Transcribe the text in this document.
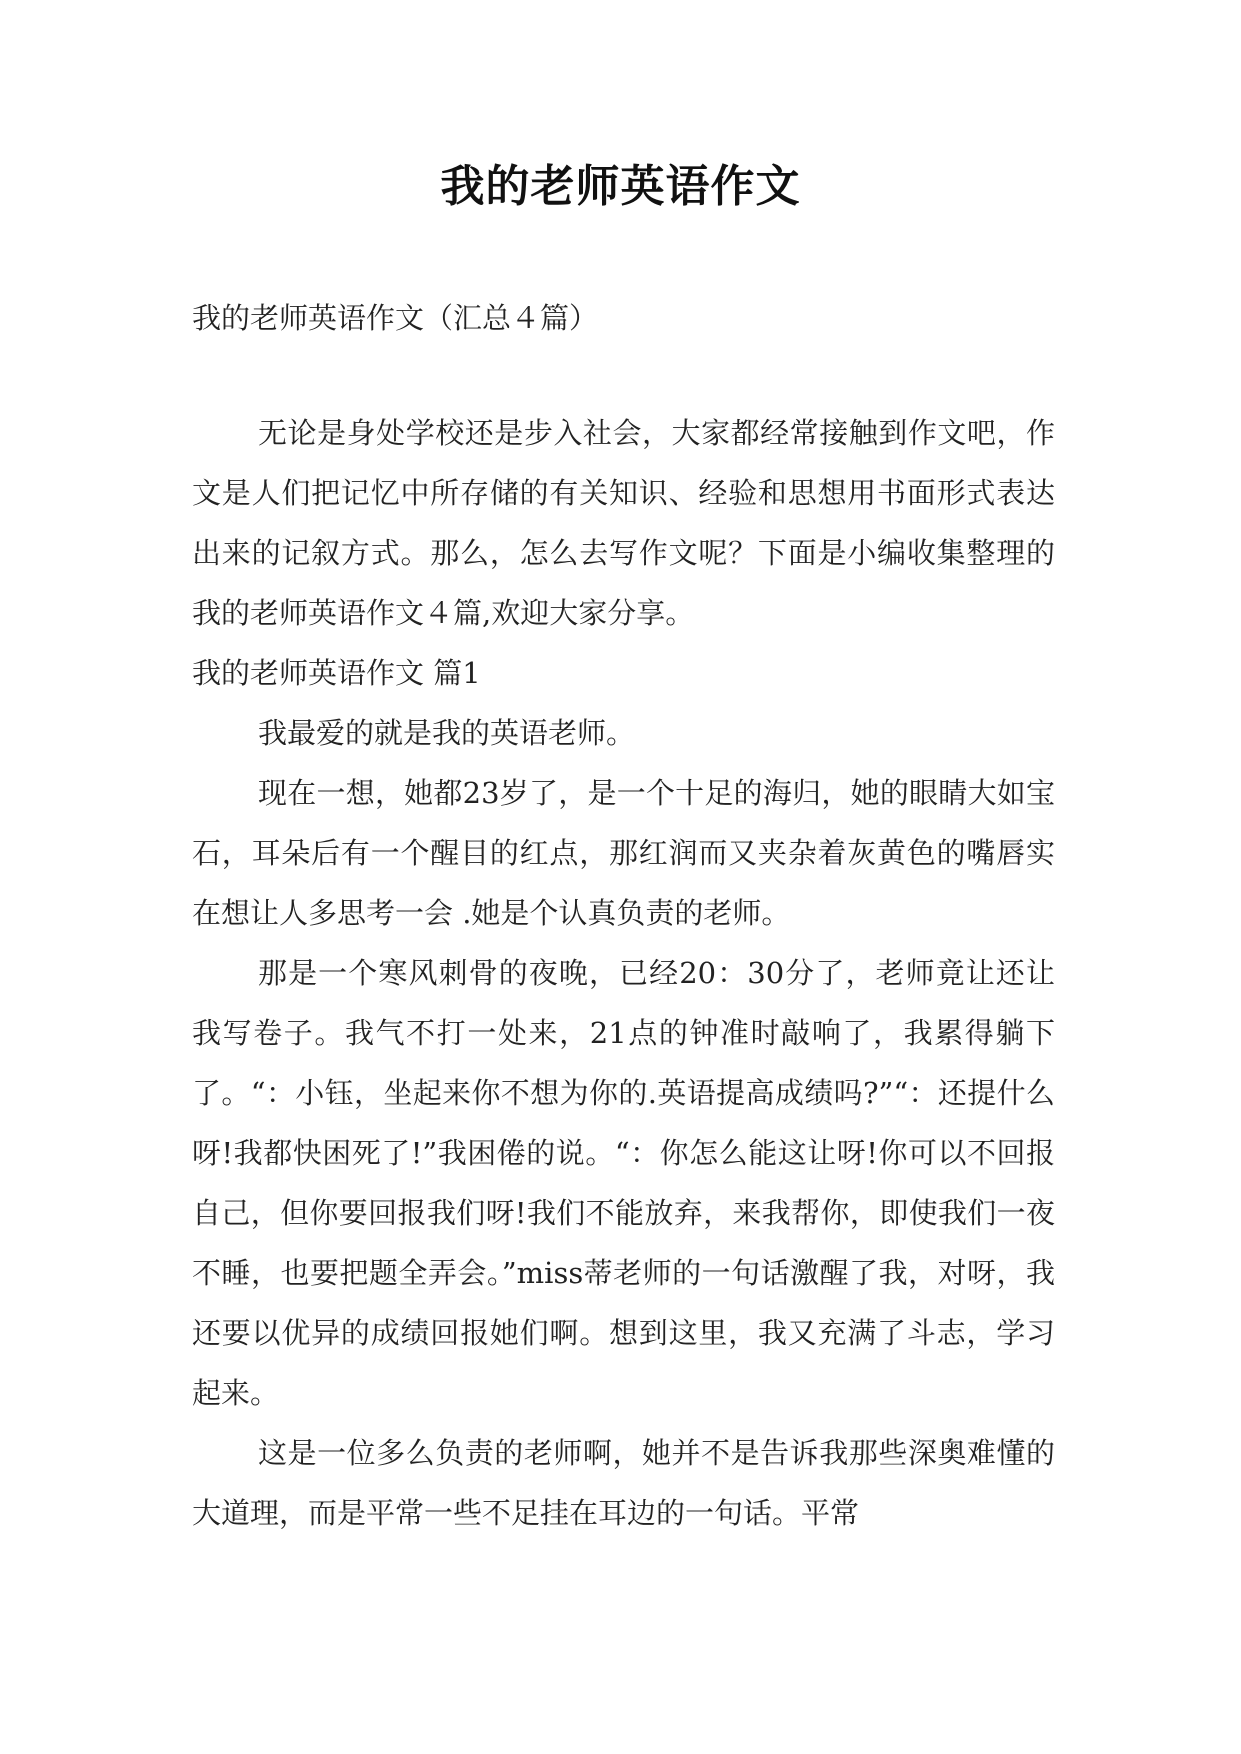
我的老师英语作文
我的老师英语作文（汇总４篇）

无论是身处学校还是步入社会，大家都经常接触到作文吧，作文是人们把记忆中所存储的有关知识、经验和思想用书面形式表达出来的记叙方式。那么，怎么去写作文呢？下面是小编收集整理的我的老师英语作文４篇,欢迎大家分享。

我的老师英语作文 篇1

我最爱的就是我的英语老师。

现在一想，她都23岁了，是一个十足的海归，她的眼睛大如宝石，耳朵后有一个醒目的红点，那红润而又夹杂着灰黄色的嘴唇实在想让人多思考一会 .她是个认真负责的老师。

那是一个寒风刺骨的夜晚，已经20：30分了，老师竟让还让我写卷子。我气不打一处来，21点的钟准时敲响了，我累得躺下了。“：小钰，坐起来你不想为你的.英语提高成绩吗?”“：还提什么呀!我都快困死了!”我困倦的说。“：你怎么能这让呀!你可以不回报自己，但你要回报我们呀!我们不能放弃，来我帮你，即使我们一夜不睡，也要把题全弄会。”miss蒂老师的一句话激醒了我，对呀，我还要以优异的成绩回报她们啊。想到这里，我又充满了斗志，学习起来。

这是一位多么负责的老师啊，她并不是告诉我那些深奥难懂的大道理，而是平常一些不足挂在耳边的一句话。平常
